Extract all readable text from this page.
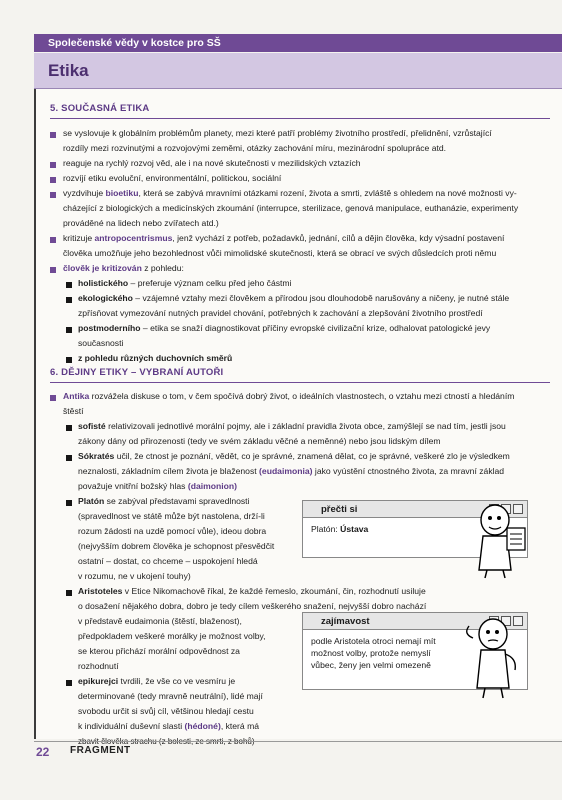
Společenské vědy v kostce pro SŠ
Etika
5. SOUČASNÁ ETIKA
se vyslovuje k globálním problémům planety, mezi které patří problémy životního prostředí, přelidnění, vzrůstající
rozdíly mezi rozvinutými a rozvojovými zeměmi, otázky zachování míru, mezinárodní spolupráce atd.
reaguje na rychlý rozvoj věd, ale i na nové skutečnosti v mezilidských vztazích
rozvíjí etiku evoluční, environmentální, politickou, sociální
vyzdvihuje bioetiku, která se zabývá mravními otázkami rození, života a smrti, zvláště s ohledem na nové možnosti vy-
cházející z biologických a medicínských zkoumání (interrupce, sterilizace, genová manipulace, euthanázie, experimenty
prováděné na lidech nebo zvířatech atd.)
kritizuje antropocentrismus, jenž vychází z potřeb, požadavků, jednání, cílů a dějin člověka, kdy výsadní postavení
člověka umožňuje jeho bezohlednost vůči mimolidské skutečnosti, která se obrací ve svých důsledcích proti němu
člověk je kritizován z pohledu:
holistického – preferuje význam celku před jeho částmi
ekologického – vzájemné vztahy mezi člověkem a přírodou jsou dlouhodobě narušovány a ničeny, je nutné stále
zpřísňovat vymezování nutných pravidel chování, potřebných k zachování a zlepšování životního prostředí
postmoderního – etika se snaží diagnostikovat příčiny evropské civilizační krize, odhalovat patologické jevy
současnosti
z pohledu různých duchovních směrů
6. DĚJINY ETIKY – VYBRANÍ AUTOŘI
Antika rozvážela diskuse o tom, v čem spočívá dobrý život, o ideálních vlastnostech, o vztahu mezi ctností a hledáním
štěstí
sofisté relativizovali jednotlivé morální pojmy, ale i základní pravidla života obce, zamýšlejí se nad tím, jestli jsou
zákony dány od přirozenosti (tedy ve svém základu věčné a neměnné) nebo jsou lidským dílem
Sókratés učil, že ctnost je poznání, vědět, co je správné, znamená dělat, co je správné, veškeré zlo je výsledkem
neznalosti, základním cílem života je blaženost (eudaimonia) jako vyústění ctnostného života, za mravní základ
považuje vnitřní božský hlas (daimonion)
Platón se zabýval představami spravedlnosti
(spravedlnost ve státě může být nastolena, drží-li
rozum žádosti na uzdě pomocí vůle), ideou dobra
(nejvyšším dobrem člověka je schopnost přesvědčit
ostatní – dostat, co chceme – uspokojení hledá
v rozumu, ne v ukojení touhy)
Aristoteles v Etice Nikomachově říkal, že každé řemeslo, zkoumání, čin, rozhodnutí usiluje
o dosažení nějakého dobra, dobro je tedy cílem veškerého snažení, nejvyšší dobro nachází
v představě eudaimonia (štěstí, blaženost),
předpokladem veškeré morálky je možnost volby,
se kterou přichází morální odpovědnost za
rozhodnutí
epikurejci tvrdili, že vše co ve vesmíru je
determinované (tedy mravně neutrální), lidé mají
svobodu určit si svůj cíl, většinou hledají cestu
k individuální duševní slasti (hédoné), která má
přečti si
Platón: Ústava
zajímavost
podle Aristotela otroci nemají mít
možnost volby, protože nemyslí
vůbec, ženy jen velmi omezeně
22 FRAGMENT
